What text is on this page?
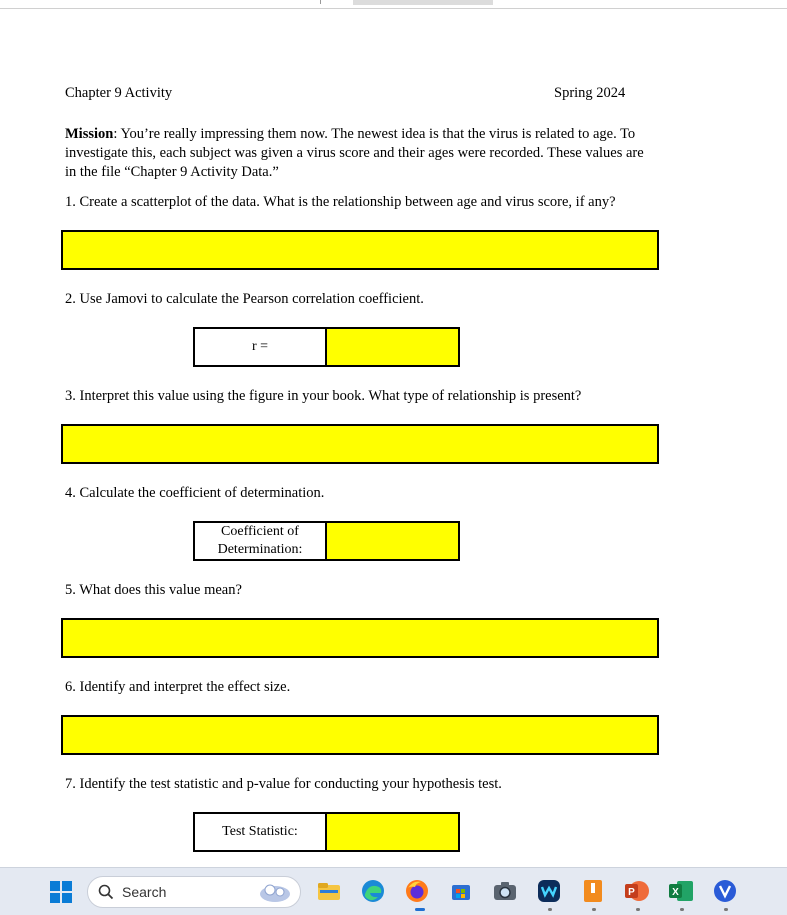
Chapter 9 Activity	Spring 2024
Mission: You’re really impressing them now. The newest idea is that the virus is related to age. To investigate this, each subject was given a virus score and their ages were recorded. These values are in the file “Chapter 9 Activity Data.”
1. Create a scatterplot of the data. What is the relationship between age and virus score, if any?
2. Use Jamovi to calculate the Pearson correlation coefficient.
r =
3. Interpret this value using the figure in your book. What type of relationship is present?
4. Calculate the coefficient of determination.
Coefficient of Determination:
5. What does this value mean?
6. Identify and interpret the effect size.
7. Identify the test statistic and p-value for conducting your hypothesis test.
Test Statistic:
Search	P	X
